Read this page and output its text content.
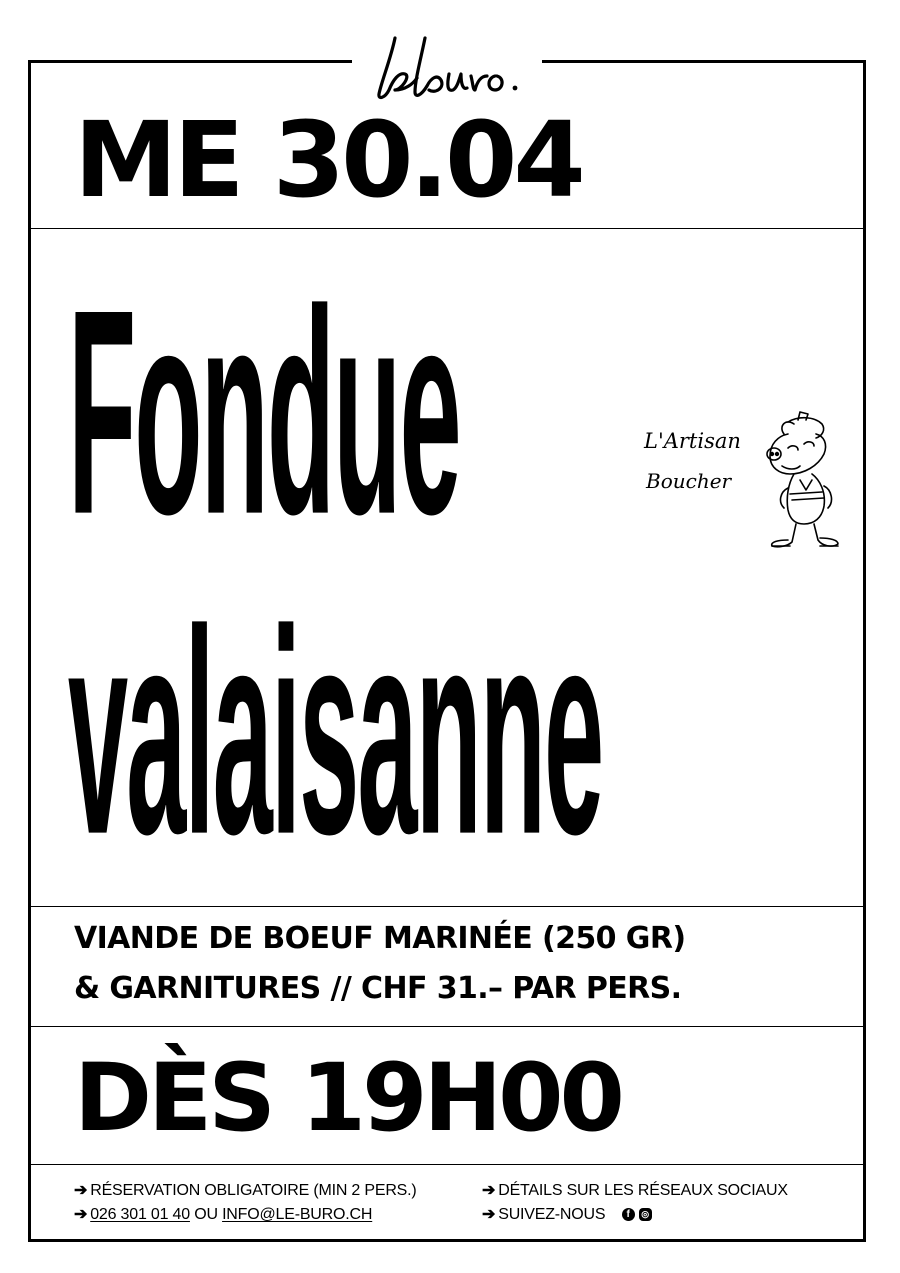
ME 30.04
Fondue
valaisanne
L'Artisan
Boucher
VIANDE DE BOEUF MARINÉE (250 GR)
& GARNITURES // CHF 31.– PAR PERS.
DÈS 19H00
➔ RÉSERVATION OBLIGATOIRE (MIN 2 PERS.)
➔ 026 301 01 40 OU INFO@LE-BURO.CH
➔ DÉTAILS SUR LES RÉSEAUX SOCIAUX
➔ SUIVEZ-NOUS f ◎
